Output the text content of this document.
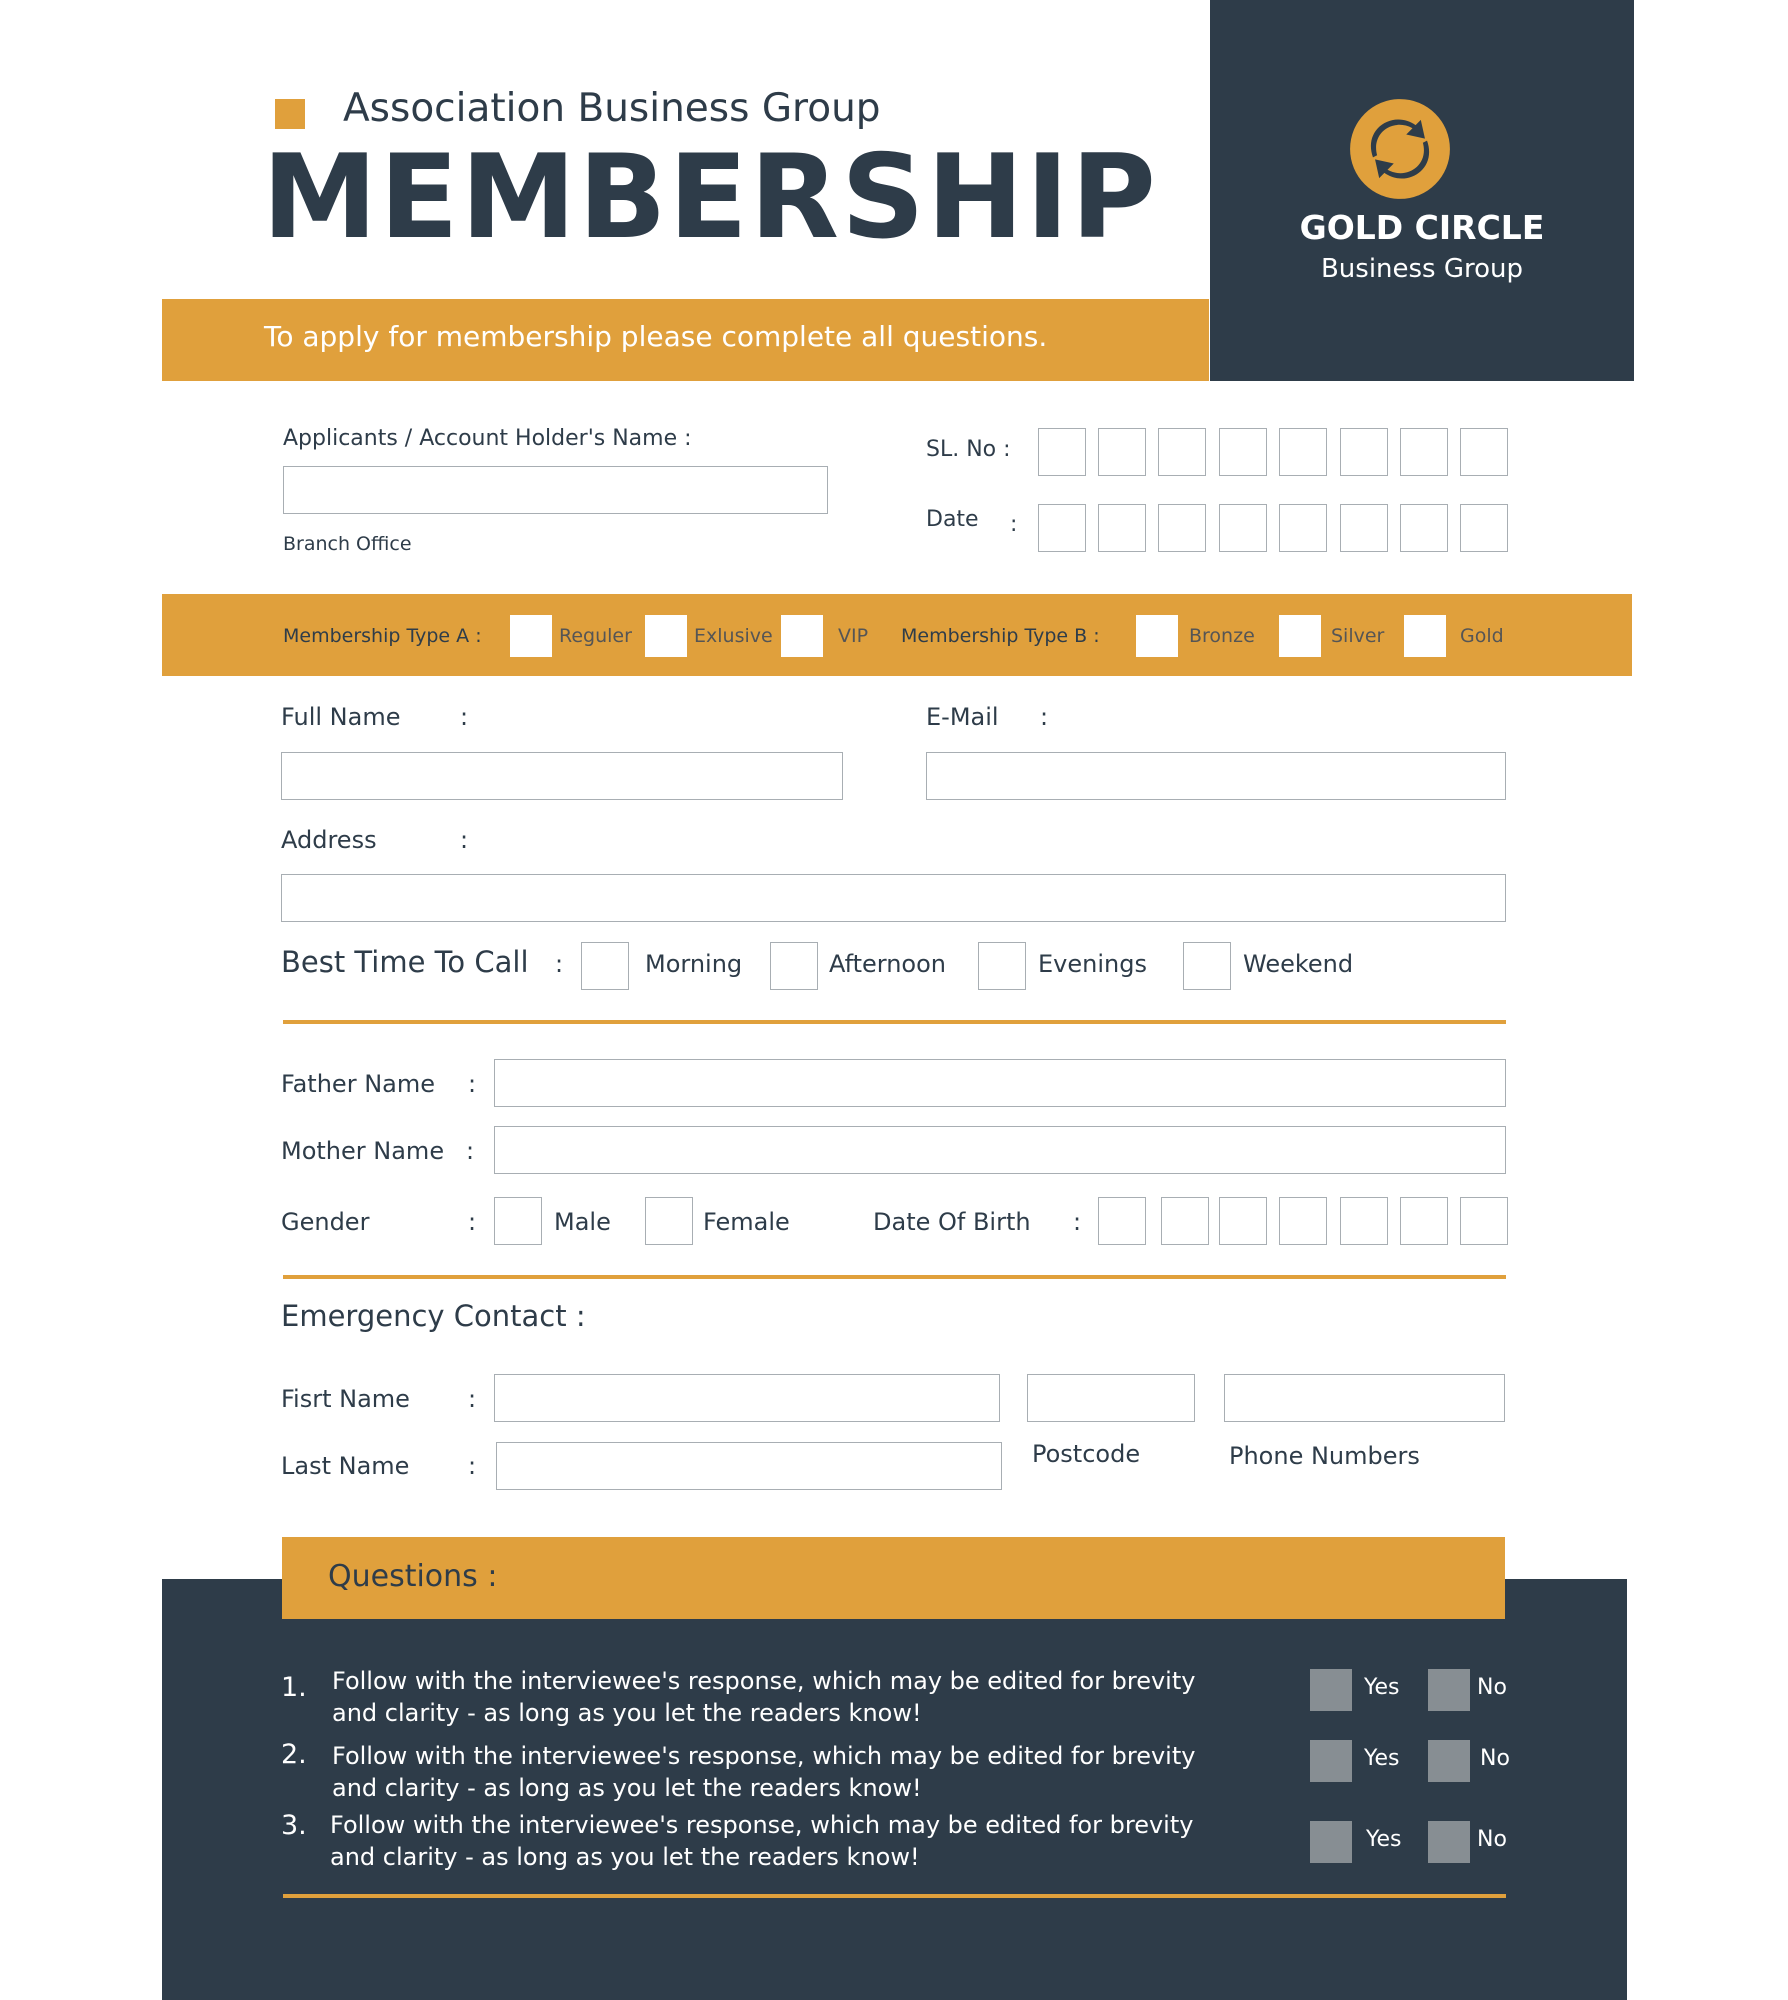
Association Business Group
MEMBERSHIP	GOLD CIRCLE
Business Group
To apply for membership please complete all questions.
Applicants / Account Holder's Name :
Branch Office
SL. No :
Date :
Membership Type A :	Reguler	Exlusive	VIP Membership Type B :	Bronze	Silver	Gold
Full Name :	E-Mail :
Address	:
Best Time To Call :	Morning	Afternoon	Evenings	Weekend
Father Name :
Mother Name :
Gender	:	Male	Female	Date Of Birth :
Emergency Contact :
Fisrt Name :
Last Name :	Postcode	Phone Numbers
Questions :
1. Follow with the interviewee's response, which may be edited for brevity and clarity - as long as you let the readers know!
Yes	No
2. Follow with the interviewee's response, which may be edited for brevity and clarity - as long as you let the readers know!
Yes	No
3. Follow with the interviewee's response, which may be edited for brevity and clarity - as long as you let the readers know!
Yes	No
